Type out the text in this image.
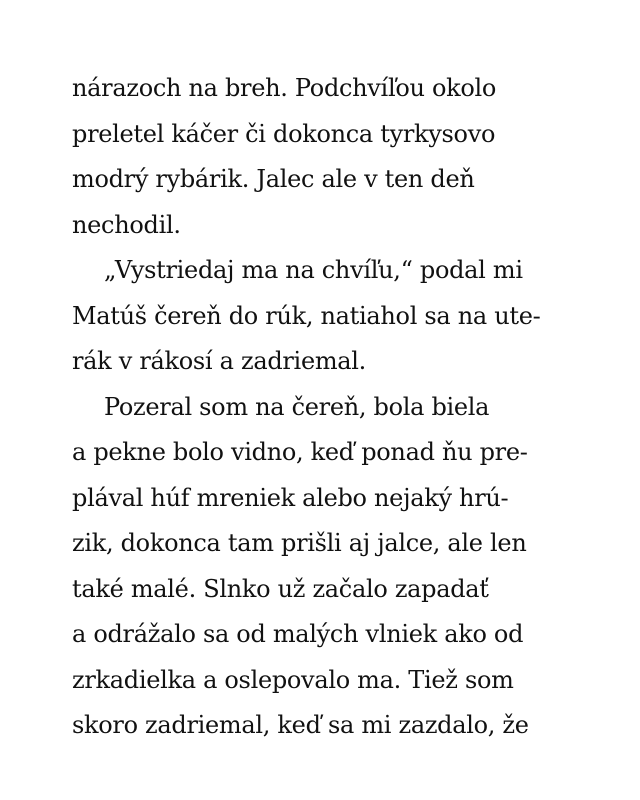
nárazoch na breh. Podchvíľou okolo
preletel káčer či dokonca tyrkysovo
modrý rybárik. Jalec ale v ten deň
nechodil.
„Vystriedaj ma na chvíľu,“ podal mi
Matúš čereň do rúk, natiahol sa na ute-
rák v rákosí a zadriemal.
Pozeral som na čereň, bola biela
a pekne bolo vidno, keď ponad ňu pre-
plával húf mreniek alebo nejaký hrú-
zik, dokonca tam prišli aj jalce, ale len
také malé. Slnko už začalo zapadať
a odrážalo sa od malých vlniek ako od
zrkadielka a oslepovalo ma. Tiež som
skoro zadriemal, keď sa mi zazdalo, že
